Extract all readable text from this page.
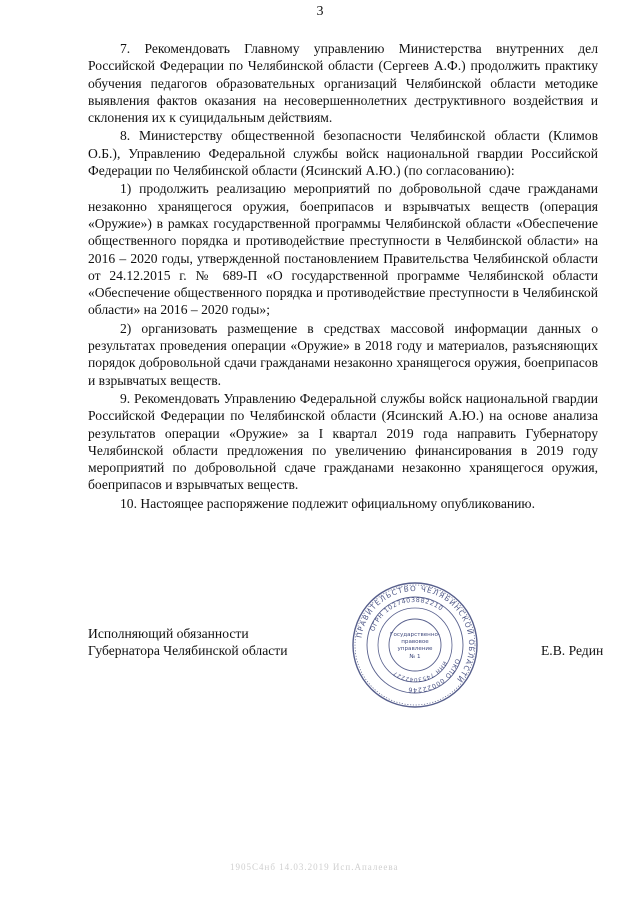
3

7. Рекомендовать Главному управлению Министерства внутренних дел Российской Федерации по Челябинской области (Сергеев А.Ф.) продолжить практику обучения педагогов образовательных организаций Челябинской области методике выявления фактов оказания на несовершеннолетних деструктивного воздействия и склонения их к суицидальным действиям.

8. Министерству общественной безопасности Челябинской области (Климов О.Б.), Управлению Федеральной службы войск национальной гвардии Российской Федерации по Челябинской области (Ясинский А.Ю.) (по согласованию):

1) продолжить реализацию мероприятий по добровольной сдаче гражданами незаконно хранящегося оружия, боеприпасов и взрывчатых веществ (операция «Оружие») в рамках государственной программы Челябинской области «Обеспечение общественного порядка и противодействие преступности в Челябинской области» на 2016 – 2020 годы, утвержденной постановлением Правительства Челябинской области от 24.12.2015 г. № 689-П «О государственной программе Челябинской области «Обеспечение общественного порядка и противодействие преступности в Челябинской области» на 2016 – 2020 годы»;

2) организовать размещение в средствах массовой информации данных о результатах проведения операции «Оружие» в 2018 году и материалов, разъясняющих порядок добровольной сдачи гражданами незаконно хранящегося оружия, боеприпасов и взрывчатых веществ.

9. Рекомендовать Управлению Федеральной службы войск национальной гвардии Российской Федерации по Челябинской области (Ясинский А.Ю.) на основе анализа результатов операции «Оружие» за I квартал 2019 года направить Губернатору Челябинской области предложения по увеличению финансирования в 2019 году мероприятий по добровольной сдаче гражданами незаконно хранящегося оружия, боеприпасов и взрывчатых веществ.

10. Настоящее распоряжение подлежит официальному опубликованию.

ПРАВИТЕЛЬСТВО ЧЕЛЯБИНСКОЙ ОБЛАСТИ
ОГРН 1027403882210
ОКПО 00022246
ИНН 7453042227
Государственно-
правовое
управление
№ 1
Исполняющий обязанности
Губернатора Челябинской области	Е.В. Редин
1905С4нб 14.03.2019 Исп.Апалеева
